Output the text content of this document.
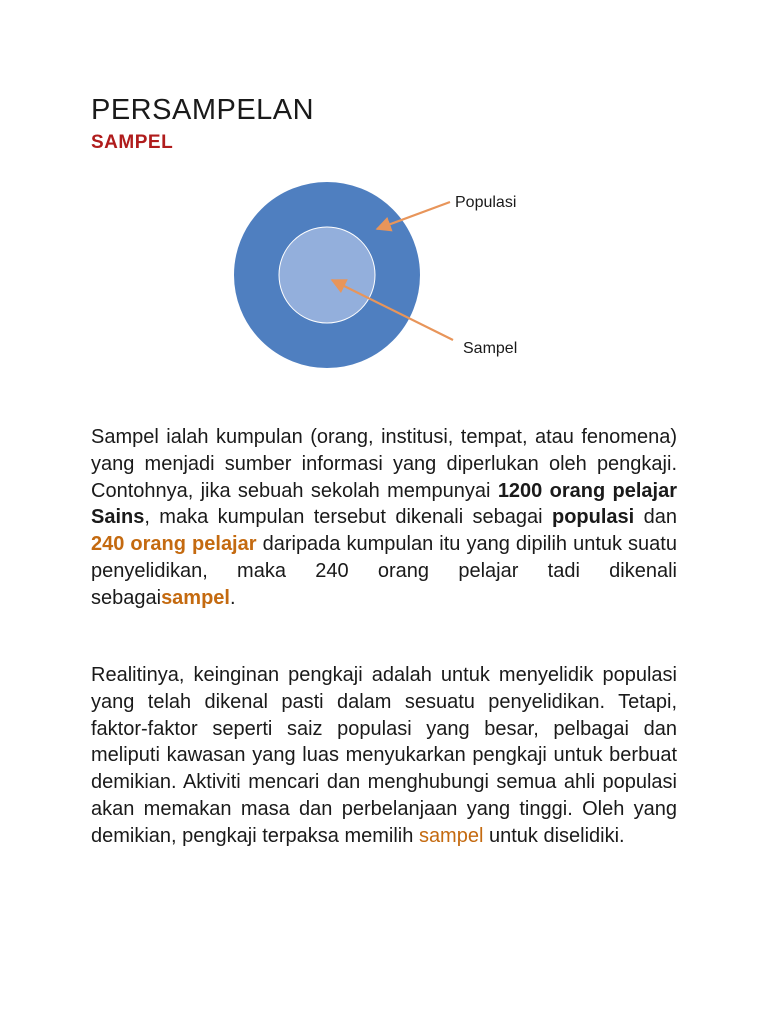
PERSAMPELAN
SAMPEL
Populasi
Sampel

Sampel ialah kumpulan (orang, institusi, tempat, atau fenomena) yang menjadi sumber informasi yang diperlukan oleh pengkaji. Contohnya, jika sebuah sekolah mempunyai 1200 orang pelajar Sains, maka kumpulan tersebut dikenali sebagai populasi dan 240 orang pelajar daripada kumpulan itu yang dipilih untuk suatu penyelidikan, maka 240 orang pelajar tadi dikenali sebagaisampel.

Realitinya, keinginan pengkaji adalah untuk menyelidik populasi yang telah dikenal pasti dalam sesuatu penyelidikan. Tetapi, faktor-faktor seperti saiz populasi yang besar, pelbagai dan meliputi kawasan yang luas menyukarkan pengkaji untuk berbuat demikian. Aktiviti mencari dan menghubungi semua ahli populasi akan memakan masa dan perbelanjaan yang tinggi. Oleh yang demikian, pengkaji terpaksa memilih sampel untuk diselidiki.
